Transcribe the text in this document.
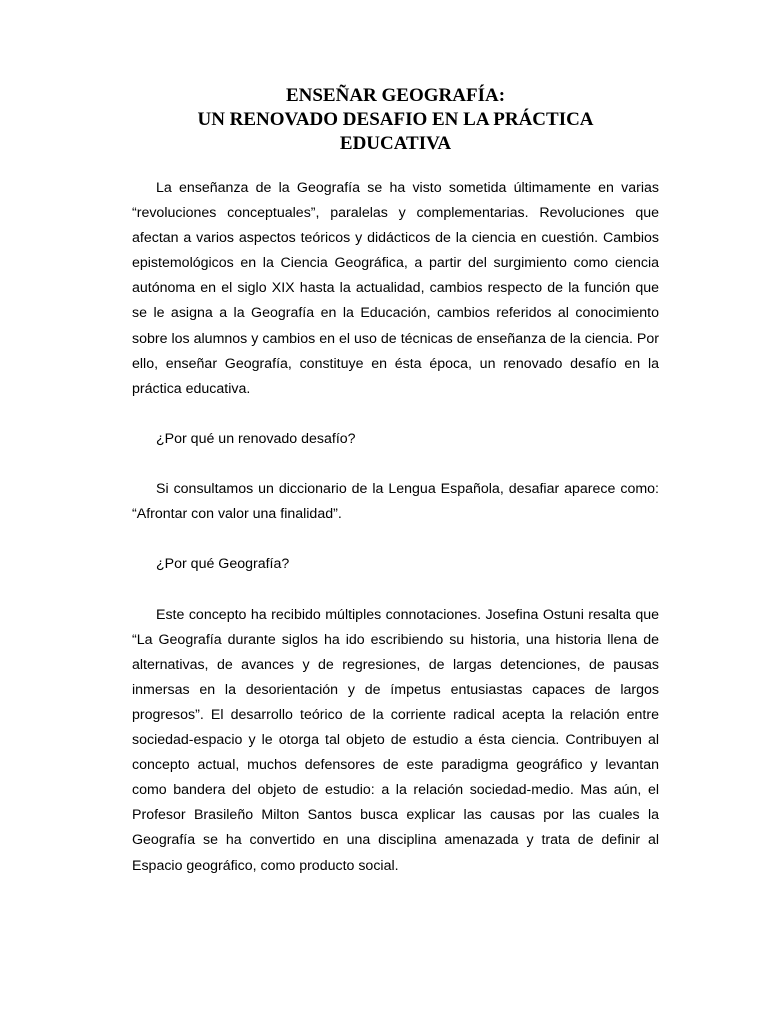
ENSEÑAR GEOGRAFÍA:
UN RENOVADO DESAFIO EN LA PRÁCTICA
EDUCATIVA

La enseñanza de la Geografía se ha visto sometida últimamente en varias “revoluciones conceptuales”, paralelas y complementarias. Revoluciones que afectan a varios aspectos teóricos y didácticos de la ciencia en cuestión. Cambios epistemológicos en la Ciencia Geográfica, a partir del surgimiento como ciencia autónoma en el siglo XIX hasta la actualidad, cambios respecto de la función que se le asigna a la Geografía en la Educación, cambios referidos al conocimiento sobre los alumnos y cambios en el uso de técnicas de enseñanza de la ciencia. Por ello, enseñar Geografía, constituye en ésta época, un renovado desafío en la práctica educativa.

¿Por qué un renovado desafío?

Si consultamos un diccionario de la Lengua Española, desafiar aparece como: “Afrontar con valor una finalidad”.

¿Por qué Geografía?

Este concepto ha recibido múltiples connotaciones. Josefina Ostuni resalta que “La Geografía durante siglos ha ido escribiendo su historia, una historia llena de alternativas, de avances y de regresiones, de largas detenciones, de pausas inmersas en la desorientación y de ímpetus entusiastas capaces de largos progresos”. El desarrollo teórico de la corriente radical acepta la relación entre sociedad-espacio y le otorga tal objeto de estudio a ésta ciencia. Contribuyen al concepto actual, muchos defensores de este paradigma geográfico y levantan como bandera del objeto de estudio: a la relación sociedad-medio. Mas aún, el Profesor Brasileño Milton Santos busca explicar las causas por las cuales la Geografía se ha convertido en una disciplina amenazada y trata de definir al Espacio geográfico, como producto social.
